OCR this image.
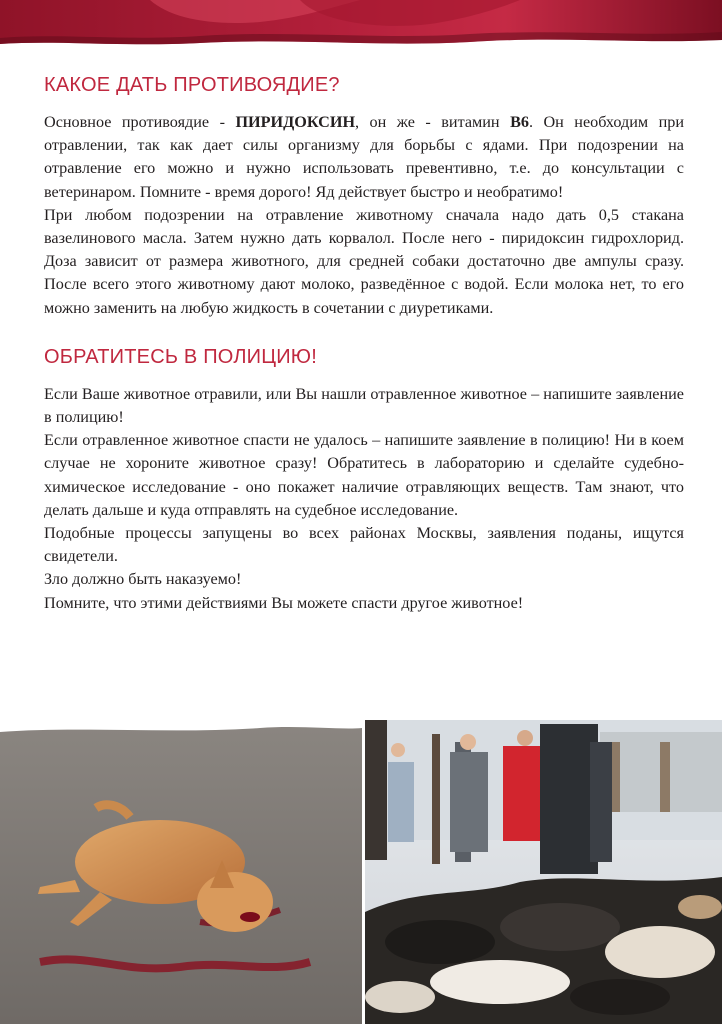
КАКОЕ ДАТЬ ПРОТИВОЯДИЕ?

Основное противоядие - ПИРИДОКСИН, он же - витамин B6. Он необходим при отравлении, так как дает силы организму для борьбы с ядами. При подозрении на отравление его можно и нужно использовать превентивно, т.е. до консультации с ветеринаром. Помните - время дорого! Яд действует быстро и необратимо!

При любом подозрении на отравление животному сначала надо дать 0,5 стакана вазелинового масла. Затем нужно дать корвалол. После него - пиридоксин гидрохлорид. Доза зависит от размера животного, для средней собаки достаточно две ампулы сразу. После всего этого животному дают молоко, разведённое с водой. Если молока нет, то его можно заменить на любую жидкость в сочетании с диуретиками.

ОБРАТИТЕСЬ В ПОЛИЦИЮ!

Если Ваше животное отравили, или Вы нашли отравленное животное – напишите заявление в полицию!

Если отравленное животное спасти не удалось – напишите заявление в полицию! Ни в коем случае не хороните животное сразу! Обратитесь в лабораторию и сделайте судебно-химическое исследование - оно покажет наличие отравляющих веществ. Там знают, что делать дальше и куда отправлять на судебное исследование.

Подобные процессы запущены во всех районах Москвы, заявления поданы, ищутся свидетели.

Зло должно быть наказуемо!

Помните, что этими действиями Вы можете спасти другое животное!
